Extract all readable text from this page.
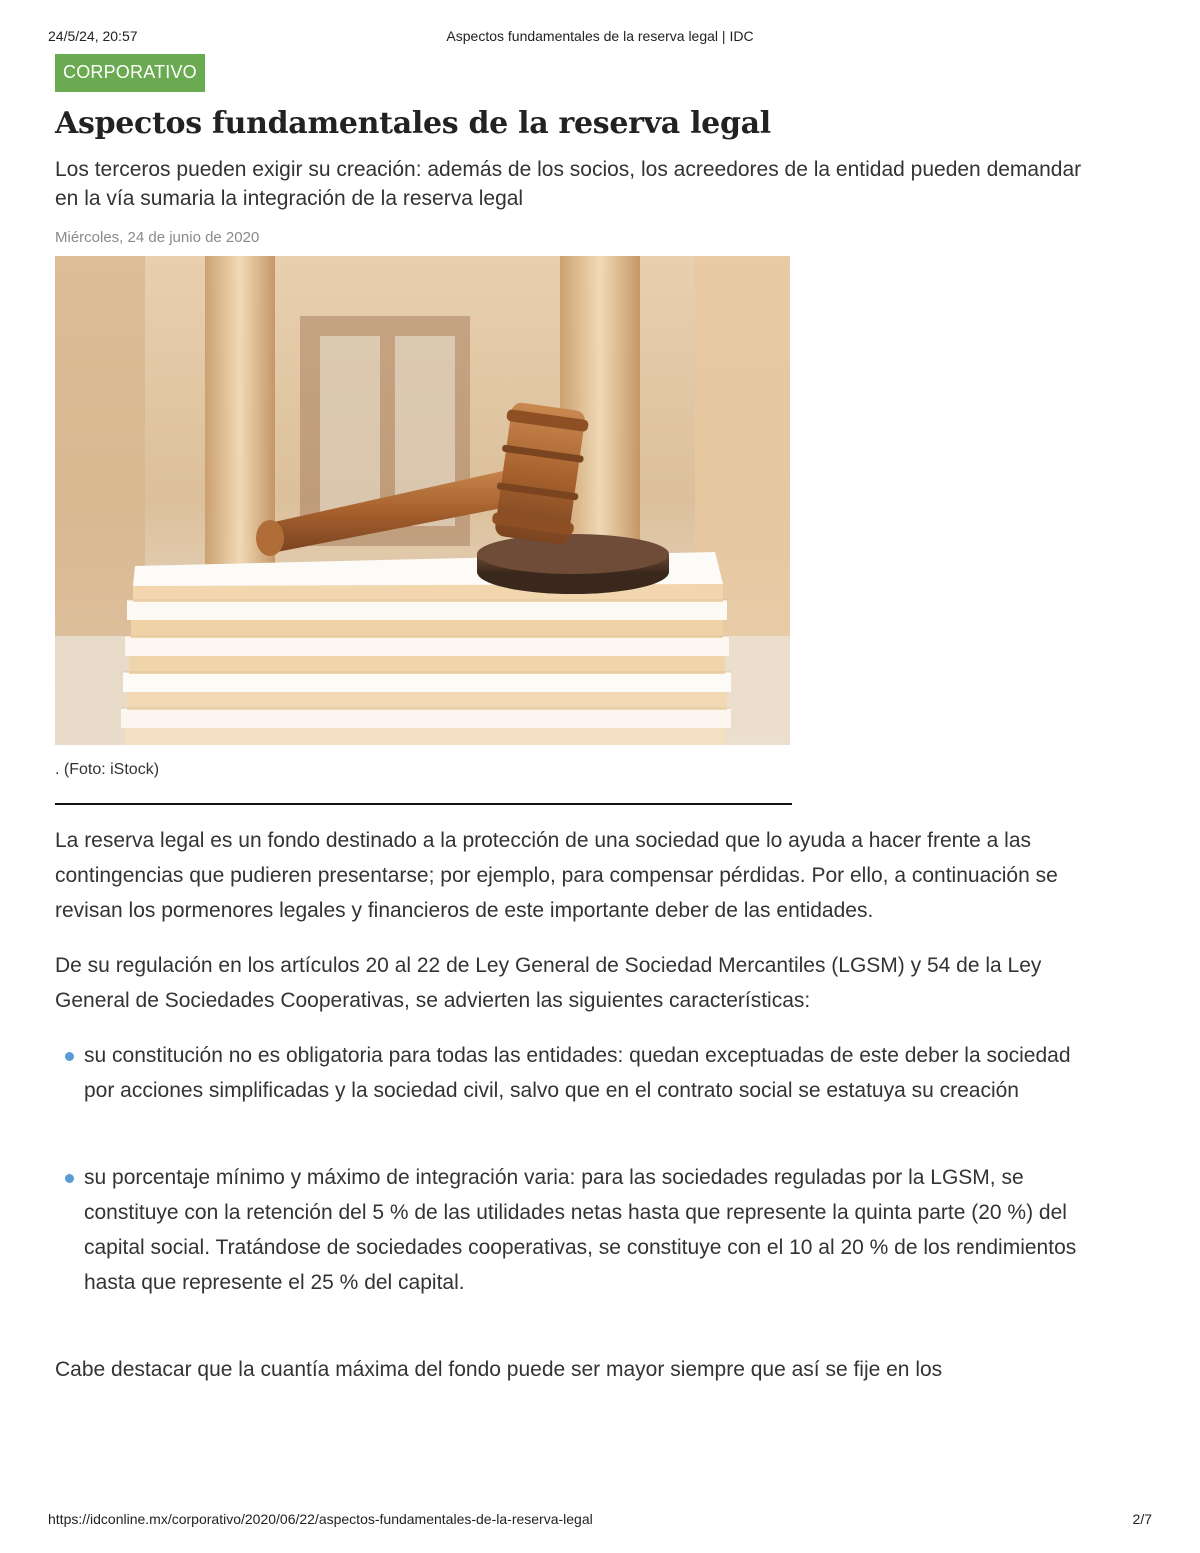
24/5/24, 20:57	Aspectos fundamentales de la reserva legal | IDC
CORPORATIVO
Aspectos fundamentales de la reserva legal
Los terceros pueden exigir su creación: además de los socios, los acreedores de la entidad pueden demandar en la vía sumaria la integración de la reserva legal
Miércoles, 24 de junio de 2020
. (Foto: iStock)

La reserva legal es un fondo destinado a la protección de una sociedad que lo ayuda a hacer frente a las contingencias que pudieren presentarse; por ejemplo, para compensar pérdidas. Por ello, a continuación se revisan los pormenores legales y financieros de este importante deber de las entidades.

De su regulación en los artículos 20 al 22 de Ley General de Sociedad Mercantiles (LGSM) y 54 de la Ley General de Sociedades Cooperativas, se advierten las siguientes características:

su constitución no es obligatoria para todas las entidades: quedan exceptuadas de este deber la sociedad por acciones simplificadas y la sociedad civil, salvo que en el contrato social se estatuya su creación
su porcentaje mínimo y máximo de integración varia: para las sociedades reguladas por la LGSM, se constituye con la retención del 5 % de las utilidades netas hasta que represente la quinta parte (20 %) del capital social. Tratándose de sociedades cooperativas, se constituye con el 10 al 20 % de los rendimientos hasta que represente el 25 % del capital.

Cabe destacar que la cuantía máxima del fondo puede ser mayor siempre que así se fije en los

https://idconline.mx/corporativo/2020/06/22/aspectos-fundamentales-de-la-reserva-legal	2/7
